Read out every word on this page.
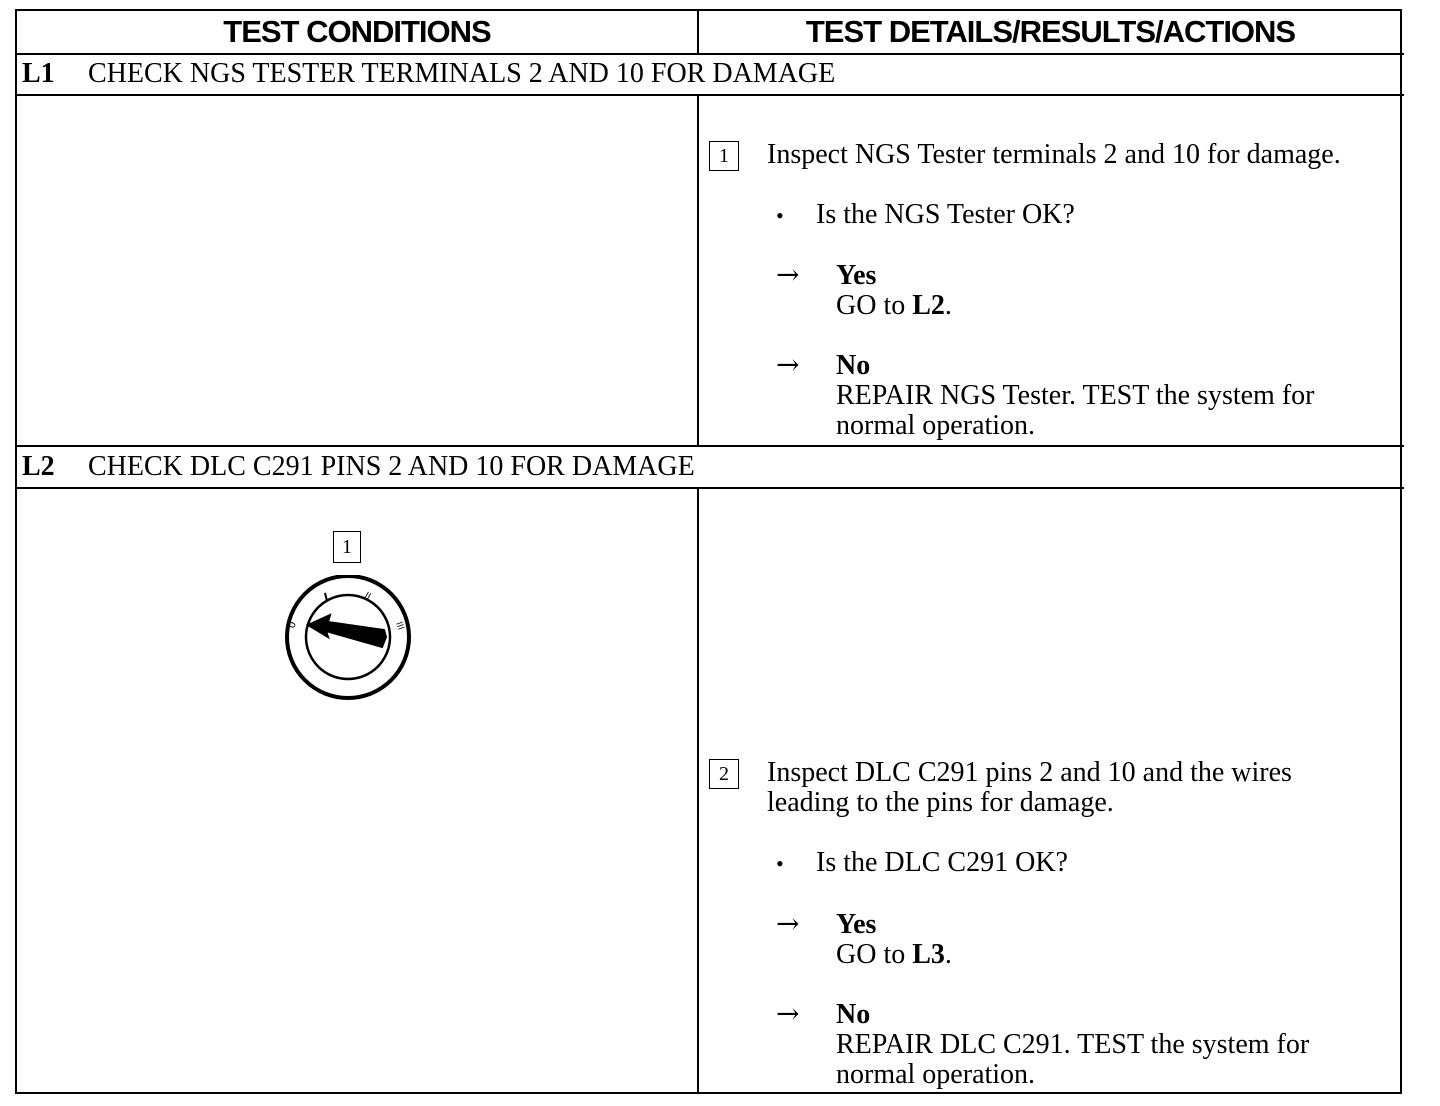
TEST CONDITIONS	TEST DETAILS/RESULTS/ACTIONS
L1 CHECK NGS TESTER TERMINALS 2 AND 10 FOR DAMAGE
1	Inspect NGS Tester terminals 2 and 10 for damage.
• Is the NGS Tester OK?
→ Yes
GO to L2.
→ No
REPAIR NGS Tester. TEST the system for
normal operation.
L2 CHECK DLC C291 PINS 2 AND 10 FOR DAMAGE
1
0
II
III
2	Inspect DLC C291 pins 2 and 10 and the wires
leading to the pins for damage.
• Is the DLC C291 OK?
→ Yes
GO to L3.
→ No
REPAIR DLC C291. TEST the system for
normal operation.
